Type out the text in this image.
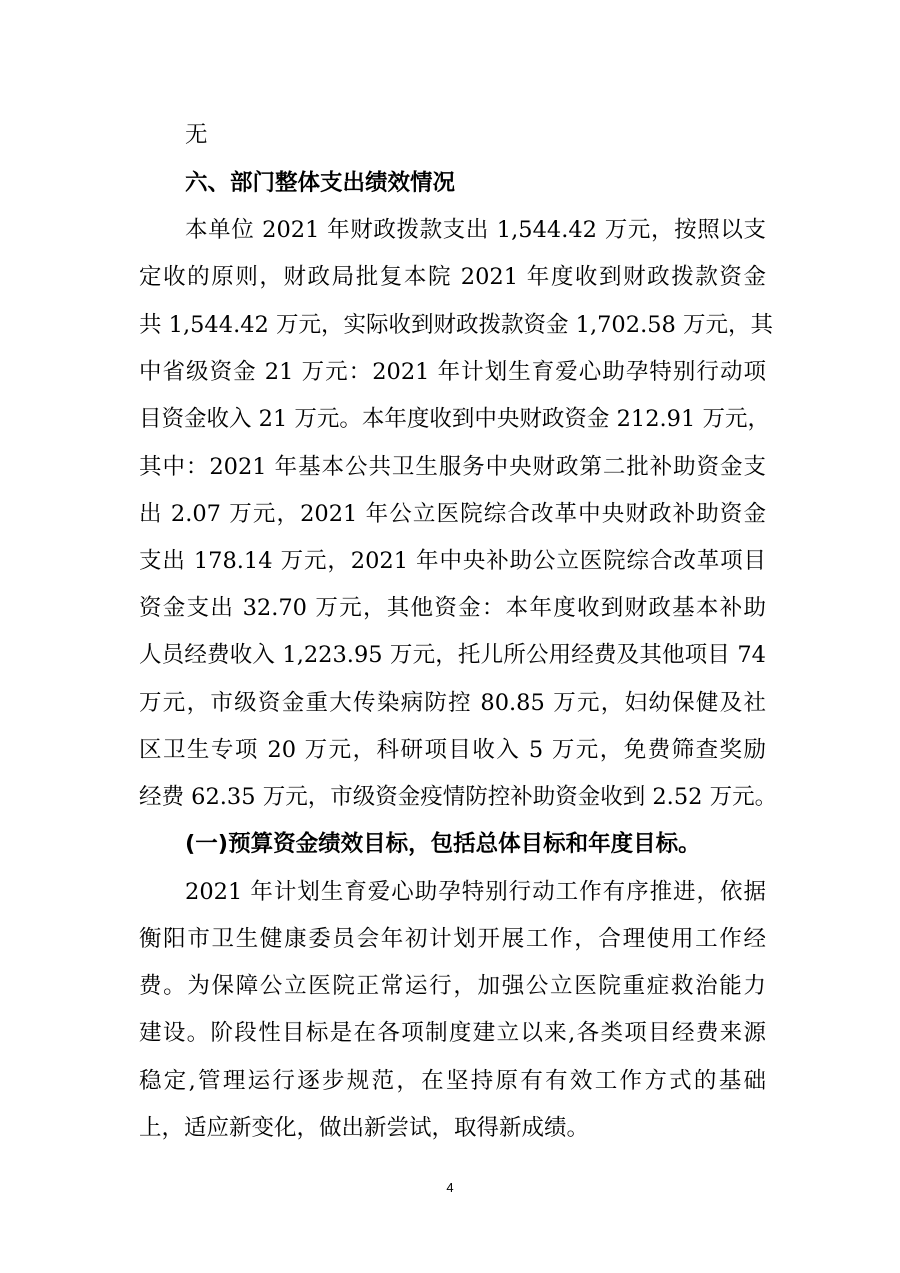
无
六、部门整体支出绩效情况
本单位 2021 年财政拨款支出 1,544.42 万元，按照以支
定收的原则，财政局批复本院 2021 年度收到财政拨款资金
共 1,544.42 万元，实际收到财政拨款资金 1,702.58 万元，其
中省级资金 21 万元：2021 年计划生育爱心助孕特别行动项
目资金收入 21 万元。本年度收到中央财政资金 212.91 万元，
其中：2021 年基本公共卫生服务中央财政第二批补助资金支
出 2.07 万元，2021 年公立医院综合改革中央财政补助资金
支出 178.14 万元，2021 年中央补助公立医院综合改革项目
资金支出 32.70 万元，其他资金：本年度收到财政基本补助
人员经费收入 1,223.95 万元，托儿所公用经费及其他项目 74
万元，市级资金重大传染病防控 80.85 万元，妇幼保健及社
区卫生专项 20 万元，科研项目收入 5 万元，免费筛查奖励
经费 62.35 万元，市级资金疫情防控补助资金收到 2.52 万元。
(一)预算资金绩效目标，包括总体目标和年度目标。
2021 年计划生育爱心助孕特别行动工作有序推进，依据
衡阳市卫生健康委员会年初计划开展工作，合理使用工作经
费。为保障公立医院正常运行，加强公立医院重症救治能力
建设。阶段性目标是在各项制度建立以来,各类项目经费来源
稳定,管理运行逐步规范，在坚持原有有效工作方式的基础
上，适应新变化，做出新尝试，取得新成绩。
4
